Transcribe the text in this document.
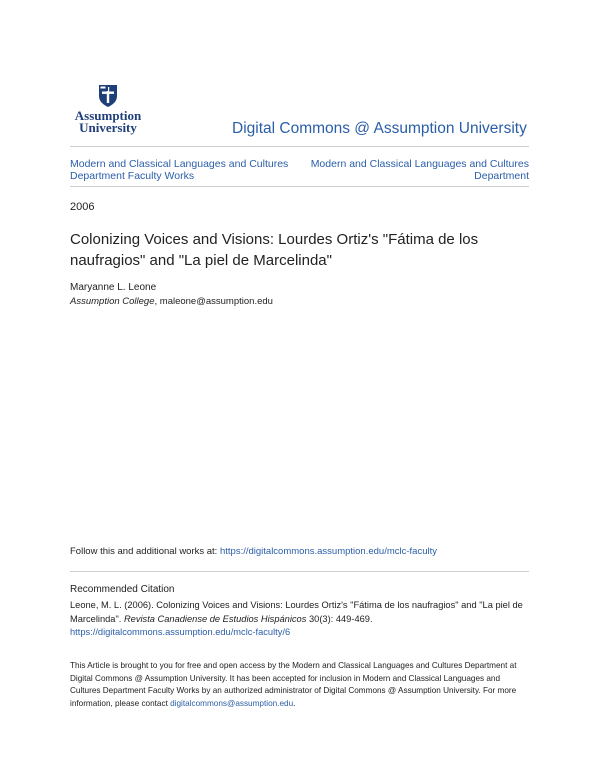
Assumption
University	Digital Commons @ Assumption University
Modern and Classical Languages and Cultures Department Faculty Works
Modern and Classical Languages and Cultures Department
2006
Colonizing Voices and Visions: Lourdes Ortiz's "Fátima de los naufragios" and "La piel de Marcelinda"
Maryanne L. Leone
Assumption College, maleone@assumption.edu
Follow this and additional works at: https://digitalcommons.assumption.edu/mclc-faculty
Recommended Citation
Leone, M. L. (2006). Colonizing Voices and Visions: Lourdes Ortiz's "Fátima de los naufragios" and "La piel de Marcelinda". Revista Canadiense de Estudios Hispánicos 30(3): 449-469.
https://digitalcommons.assumption.edu/mclc-faculty/6
This Article is brought to you for free and open access by the Modern and Classical Languages and Cultures Department at Digital Commons @ Assumption University. It has been accepted for inclusion in Modern and Classical Languages and Cultures Department Faculty Works by an authorized administrator of Digital Commons @ Assumption University. For more information, please contact digitalcommons@assumption.edu.
